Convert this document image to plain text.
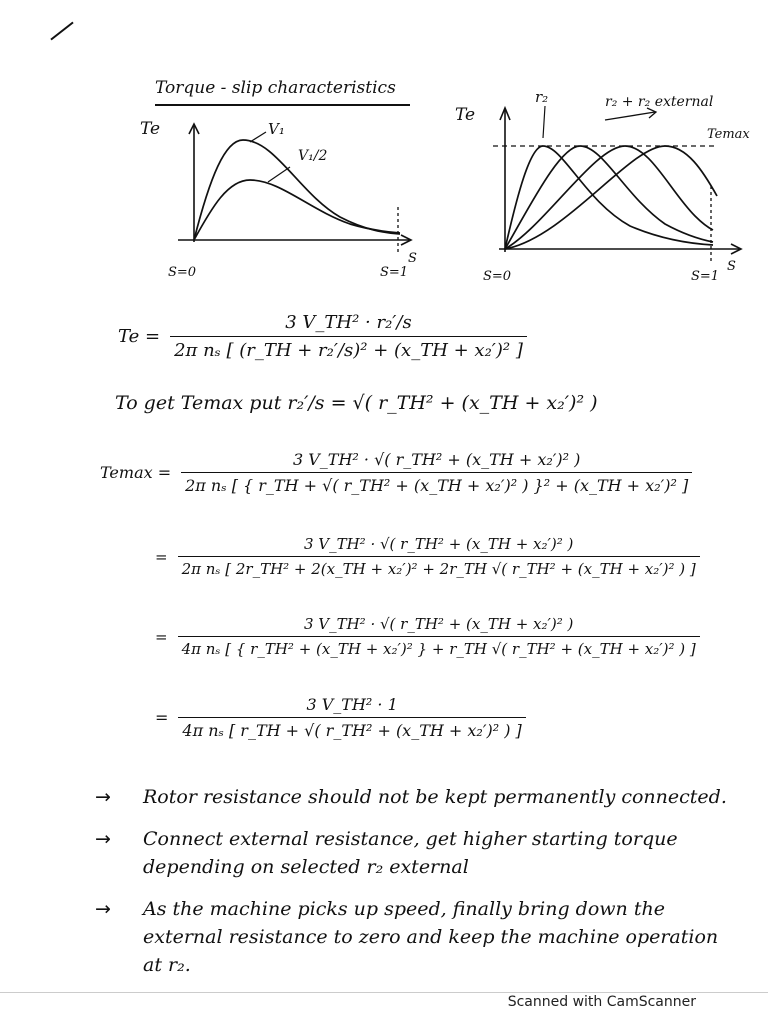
Torque - slip characteristics
Te	V₁
V₁/2
S=0	S=1
S
Te
r₂	r₂ + r₂ external
Temax
S=0	S=1
S
$Te = \frac{\text{3 V\_TH² · r₂′/s}}{\text{2π nₛ [ (r\_TH + r₂′/s)² + (x\_TH + x₂′)² ]}}$
To get Temax put r₂′/s = √( r_TH² + (x_TH + x₂′)² )
Temax =
3 V_TH² · √( r_TH² + (x_TH + x₂′)² )
2π nₛ [ { r_TH + √( r_TH² + (x_TH + x₂′)² ) }² + (x_TH + x₂′)² ]
=
3 V_TH² · √( r_TH² + (x_TH + x₂′)² )
2π nₛ [ 2r_TH² + 2(x_TH + x₂′)² + 2r_TH √( r_TH² + (x_TH + x₂′)² ) ]
=
3 V_TH² · √( r_TH² + (x_TH + x₂′)² )
4π nₛ [ { r_TH² + (x_TH + x₂′)² } + r_TH √( r_TH² + (x_TH + x₂′)² ) ]
= $\frac{\text{3 V\_TH² · 1}}{\text{4π nₛ [ r\_TH + √( r\_TH² + (x\_TH + x₂′)² ) ]}}$
→	Rotor resistance should not be kept permanently connected.
→	Connect external resistance, get higher starting torque depending on selected r₂ external
→	As the machine picks up speed, finally bring down the external resistance to zero and keep the machine operation at r₂.
Scanned with CamScanner
